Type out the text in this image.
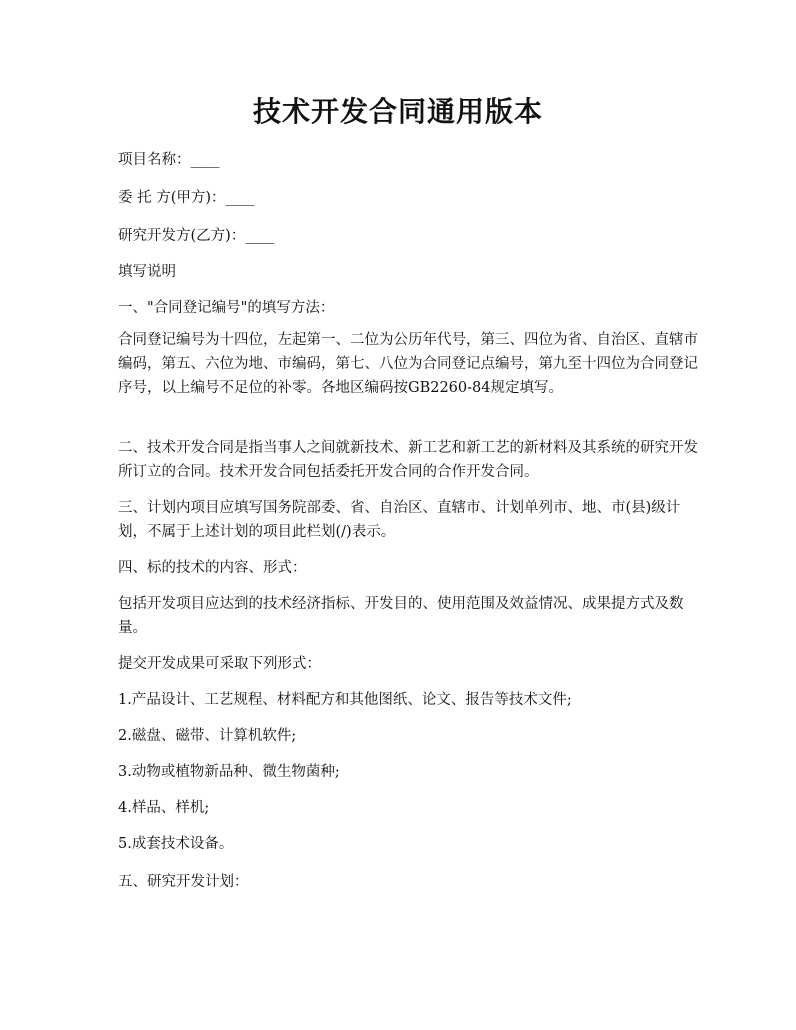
技术开发合同通用版本

项目名称：____

委 托 方(甲方)：____

研究开发方(乙方)：____

填写说明

一、"合同登记编号"的填写方法：

合同登记编号为十四位，左起第一、二位为公历年代号，第三、四位为省、自治区、直辖市编码，第五、六位为地、市编码，第七、八位为合同登记点编号，第九至十四位为合同登记序号，以上编号不足位的补零。各地区编码按GB2260-84规定填写。

二、技术开发合同是指当事人之间就新技术、新工艺和新工艺的新材料及其系统的研究开发所订立的合同。技术开发合同包括委托开发合同的合作开发合同。

三、计划内项目应填写国务院部委、省、自治区、直辖市、计划单列市、地、市(县)级计划，不属于上述计划的项目此栏划(/)表示。

四、标的技术的内容、形式：

包括开发项目应达到的技术经济指标、开发目的、使用范围及效益情况、成果提方式及数量。

提交开发成果可采取下列形式：

1.产品设计、工艺规程、材料配方和其他图纸、论文、报告等技术文件;

2.磁盘、磁带、计算机软件;

3.动物或植物新品种、微生物菌种;

4.样品、样机;

5.成套技术设备。

五、研究开发计划：
